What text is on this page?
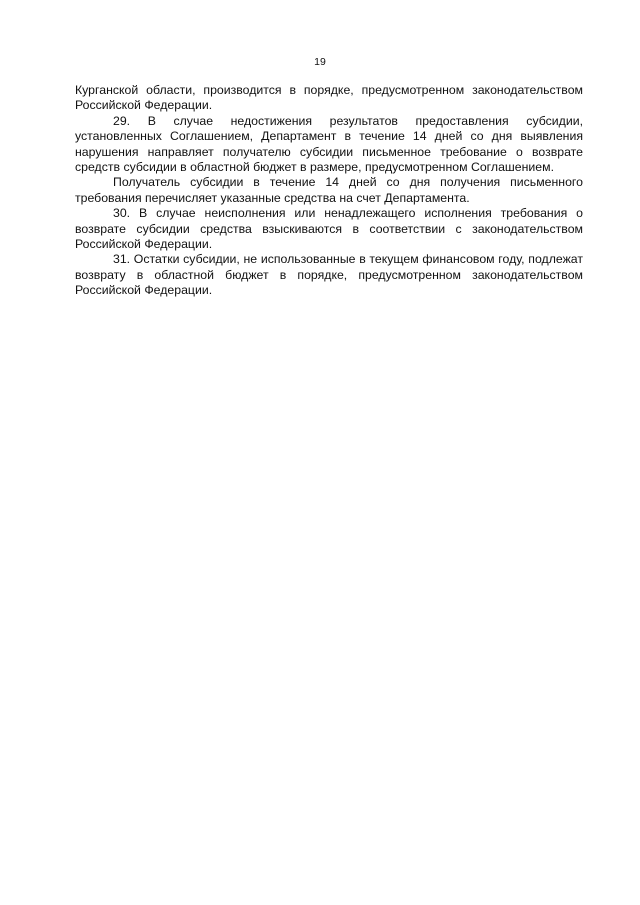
19

Курганской области, производится в порядке, предусмотренном законодательством Российской Федерации.

29. В случае недостижения результатов предоставления субсидии, установленных Соглашением, Департамент в течение 14 дней со дня выявления нарушения направляет получателю субсидии письменное требование о возврате средств субсидии в областной бюджет в размере, предусмотренном Соглашением.

Получатель субсидии в течение 14 дней со дня получения письменного требования перечисляет указанные средства на счет Департамента.

30. В случае неисполнения или ненадлежащего исполнения требования о возврате субсидии средства взыскиваются в соответствии с законодательством Российской Федерации.

31. Остатки субсидии, не использованные в текущем финансовом году, подлежат возврату в областной бюджет в порядке, предусмотренном законодательством Российской Федерации.
